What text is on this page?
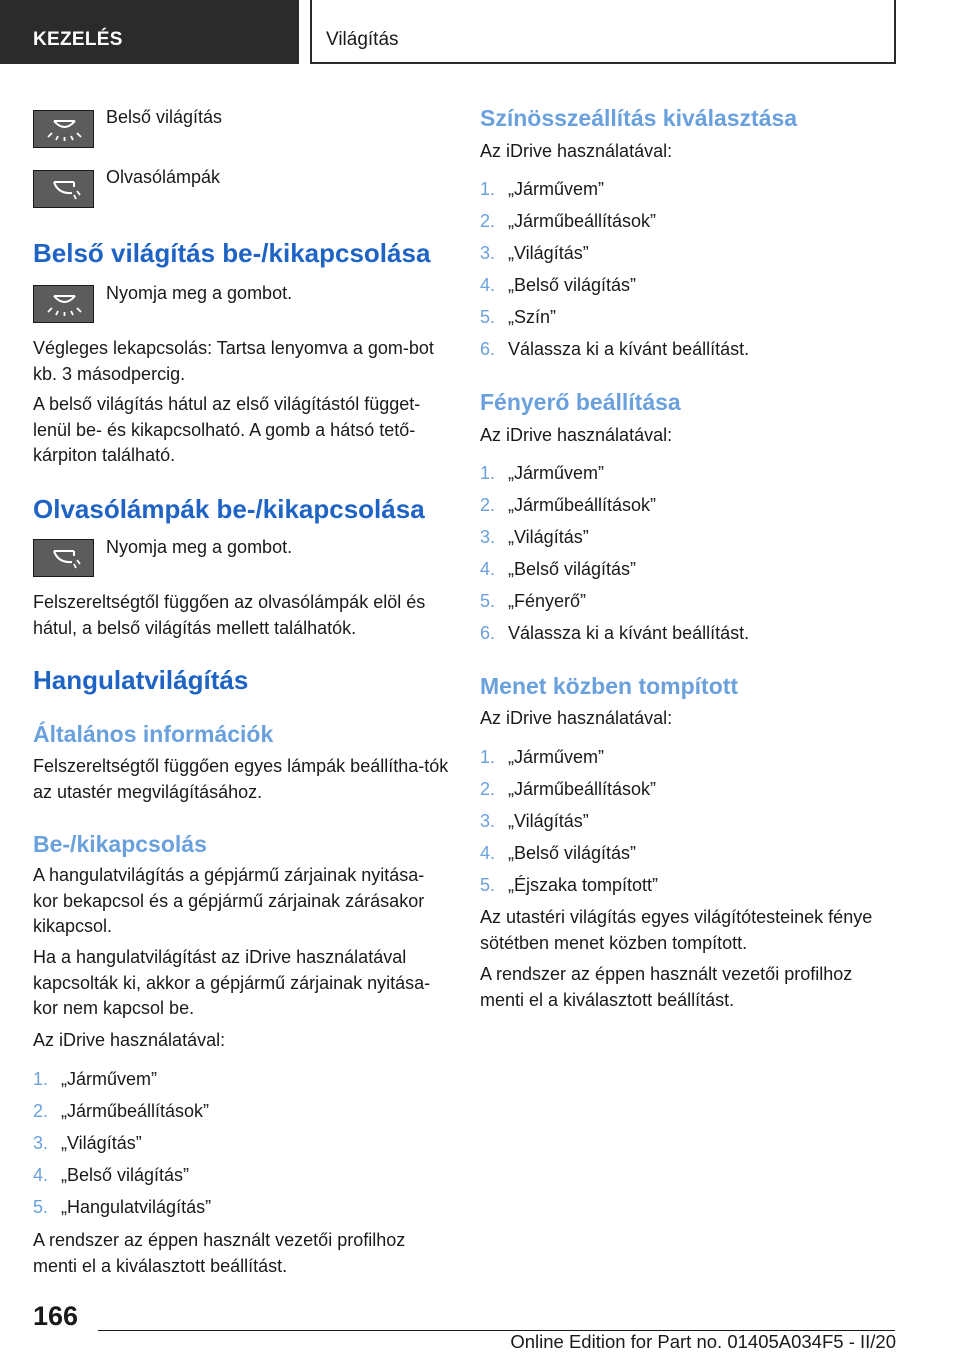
KEZELÉS	Világítás
Belső világítás
Olvasólámpák
Belső világítás be-/kikapcsolása
Nyomja meg a gombot.

Végleges lekapcsolás: Tartsa lenyomva a gom-bot kb. 3 másodpercig.

A belső világítás hátul az első világítástól függet-lenül be- és kikapcsolható. A gomb a hátsó tető-kárpiton található.

Olvasólámpák be-/kikapcsolása
Nyomja meg a gombot.

Felszereltségtől függően az olvasólámpák elöl és hátul, a belső világítás mellett találhatók.

Hangulatvilágítás
Általános információk

Felszereltségtől függően egyes lámpák beállítha-tók az utastér megvilágításához.

Be-/kikapcsolás

A hangulatvilágítás a gépjármű zárjainak nyitása-kor bekapcsol és a gépjármű zárjainak zárásakor kikapcsol.

Ha a hangulatvilágítást az iDrive használatával kapcsolták ki, akkor a gépjármű zárjainak nyitása-kor nem kapcsol be.

Az iDrive használatával:

1. „Járművem”
2. „Járműbeállítások”
3. „Világítás”
4. „Belső világítás”
5. „Hangulatvilágítás”

A rendszer az éppen használt vezetői profilhoz menti el a kiválasztott beállítást.

Színösszeállítás kiválasztása

Az iDrive használatával:

1. „Járművem”
2. „Járműbeállítások”
3. „Világítás”
4. „Belső világítás”
5. „Szín”
6. Válassza ki a kívánt beállítást.
Fényerő beállítása

Az iDrive használatával:

1. „Járművem”
2. „Járműbeállítások”
3. „Világítás”
4. „Belső világítás”
5. „Fényerő”
6. Válassza ki a kívánt beállítást.
Menet közben tompított

Az iDrive használatával:

1. „Járművem”
2. „Járműbeállítások”
3. „Világítás”
4. „Belső világítás”
5. „Éjszaka tompított”

Az utastéri világítás egyes világítótesteinek fénye sötétben menet közben tompított.

A rendszer az éppen használt vezetői profilhoz menti el a kiválasztott beállítást.

166
Online Edition for Part no. 01405A034F5 - II/20
